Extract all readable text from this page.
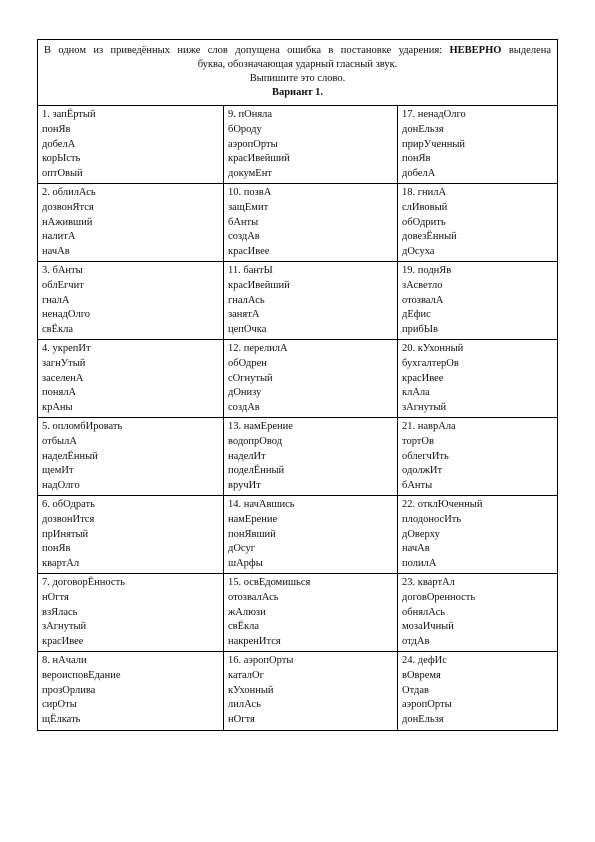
В одном из приведённых ниже слов допущена ошибка в постановке ударения: НЕВЕРНО выделена
буква, обозначающая ударный гласный звук.
Выпишите это слово.
Вариант 1.
1. запЁртый
понЯв
добелА
корЫсть
оптОвый
9. пОняла
бОроду
аэропОрты
красИвейший
докумЕнт
17. ненадОлго
донЕльзя
прирУченный
понЯв
добелА
2. облилАсь
дозвонЯтся
нАживший
налитА
начАв
10. позвА
защЕмит
бАнты
создАв
красИвее
18. гнилА
слИвовый
обОдрить
довезЁнный
дОсуха
3. бАнты
облЕгчит
гналА
ненадОлго
свЁкла
11. бантЫ
красИвейший
гналАсь
занятА
цепОчка
19. поднЯв
зАсветло
отозвалА
дЕфис
прибЫв
4. укрепИт
загнУтый
заселенА
понялА
крАны
12. перелилА
обОдрен
сОгнутый
дОнизу
создАв
20. кУхонный
бухгалтерОв
красИвее
клАла
зАгнутый
5. опломбИровать
отбылА
наделЁнный
щемИт
надОлго
13. намЕрение
водопрОвод
наделИт
поделЁнный
вручИт
21. наврАла
тортОв
облегчИть
одолжИт
бАнты
6. обОдрать
дозвонИтся
прИнятый
понЯв
квартАл
14. начАвшись
намЕрение
понЯвший
дОсуг
шАрфы
22. отклЮченный
плодоносИть
дОверху
начАв
полилА
7. договорЁнность
нОгтя
взЯлась
зАгнутый
красИвее
15. освЕдомишься
отозвалАсь
жАлюзи
свЁкла
накренИтся
23. квартАл
договОренность
обнялАсь
мозаИчный
отдАв
8. нАчали
вероисповЕдание
прозОрлива
сирОты
щЁлкать
16. аэропОрты
каталОг
кУхонный
лилАсь
нОгтя
24. дефИс
вОвремя
Отдав
аэропОрты
донЕльзя
